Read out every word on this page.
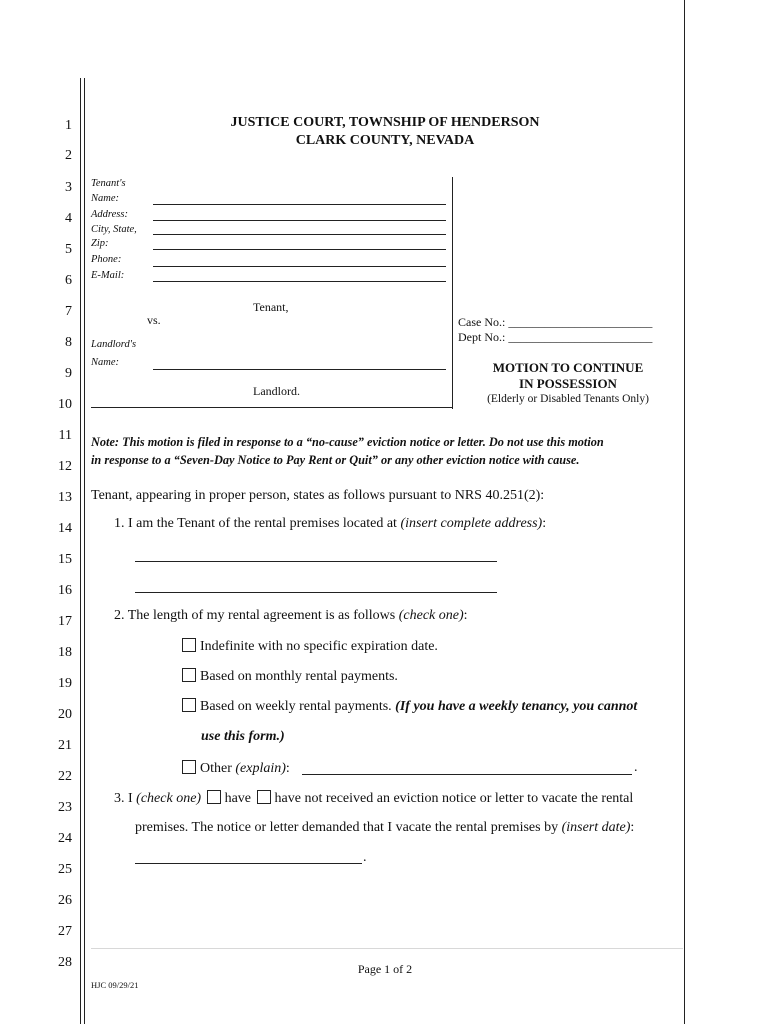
1
2
3
4
5
6
7
8
9
10
11
12
13
14
15
16
17
18
19
20
21
22
23
24
25
26
27
28
JUSTICE COURT, TOWNSHIP OF HENDERSON
CLARK COUNTY, NEVADA
Tenant's
Name:
Address:
City, State,
Zip:
Phone:
E-Mail:
Tenant,
vs.
Landlord's
Name:
Landlord.
Case No.: ________________________
Dept No.: ________________________
MOTION TO CONTINUE
IN POSSESSION
(Elderly or Disabled Tenants Only)
Note: This motion is filed in response to a “no-cause” eviction notice or letter. Do not use this motion
in response to a “Seven-Day Notice to Pay Rent or Quit” or any other eviction notice with cause.
Tenant, appearing in proper person, states as follows pursuant to NRS 40.251(2):
1. I am the Tenant of the rental premises located at (insert complete address):
2. The length of my rental agreement is as follows (check one):
Indefinite with no specific expiration date.
Based on monthly rental payments.
Based on weekly rental payments. (If you have a weekly tenancy, you cannot
use this form.)
Other (explain):	.
3. I (check one) have have not received an eviction notice or letter to vacate the rental
premises. The notice or letter demanded that I vacate the rental premises by (insert date):
.
Page 1 of 2
HJC 09/29/21
